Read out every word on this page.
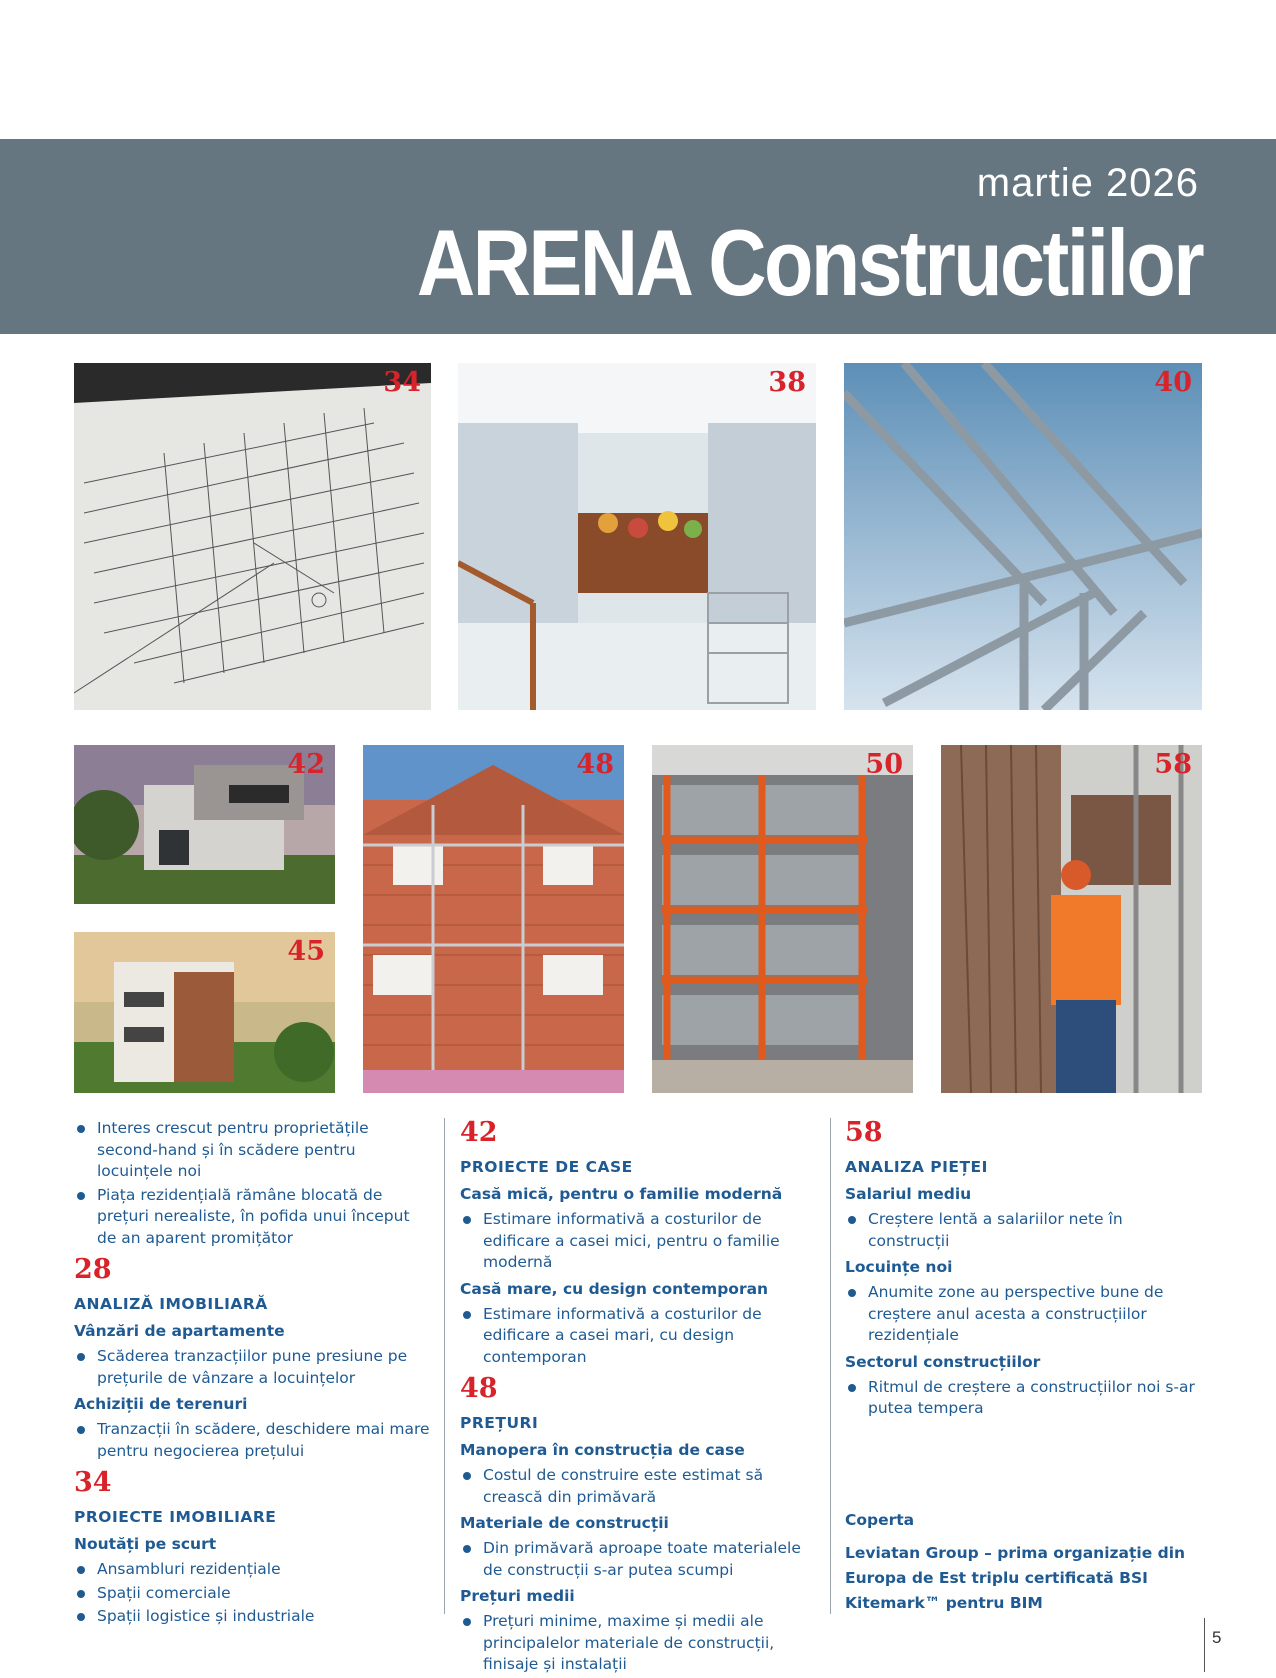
martie 2026
ARENA Constructiilor
34	38	40
42
45
48	50	58
Interes crescut pentru proprietățile second-hand și în scădere pentru locuințele noi
Piața rezidențială rămâne blocată de prețuri nerealiste, în pofida unui început de an aparent promițător
28
ANALIZĂ IMOBILIARĂ
Vânzări de apartamente
Scăderea tranzacțiilor pune presiune pe prețurile de vânzare a locuințelor
Achiziții de terenuri
Tranzacții în scădere, deschidere mai mare pentru negocierea prețului
34
PROIECTE IMOBILIARE
Noutăți pe scurt
Ansambluri rezidențiale
Spații comerciale
Spații logistice și industriale
42
PROIECTE DE CASE
Casă mică, pentru o familie modernă
Estimare informativă a costurilor de edificare a casei mici, pentru o familie modernă
Casă mare, cu design contemporan
Estimare informativă a costurilor de edificare a casei mari, cu design contemporan
48
PREȚURI
Manopera în construcția de case
Costul de construire este estimat să crească din primăvară
Materiale de construcții
Din primăvară aproape toate materialele de construcții s-ar putea scumpi
Prețuri medii
Prețuri minime, maxime și medii ale principalelor materiale de construcții, finisaje și instalații
58
ANALIZA PIEȚEI
Salariul mediu
Creștere lentă a salariilor nete în construcții
Locuințe noi
Anumite zone au perspective bune de creștere anul acesta a construcțiilor rezidențiale
Sectorul construcțiilor
Ritmul de creștere a construcțiilor noi s-ar putea tempera
Coperta
Leviatan Group – prima organizație din Europa de Est triplu certificată BSI Kitemark™ pentru BIM
5
